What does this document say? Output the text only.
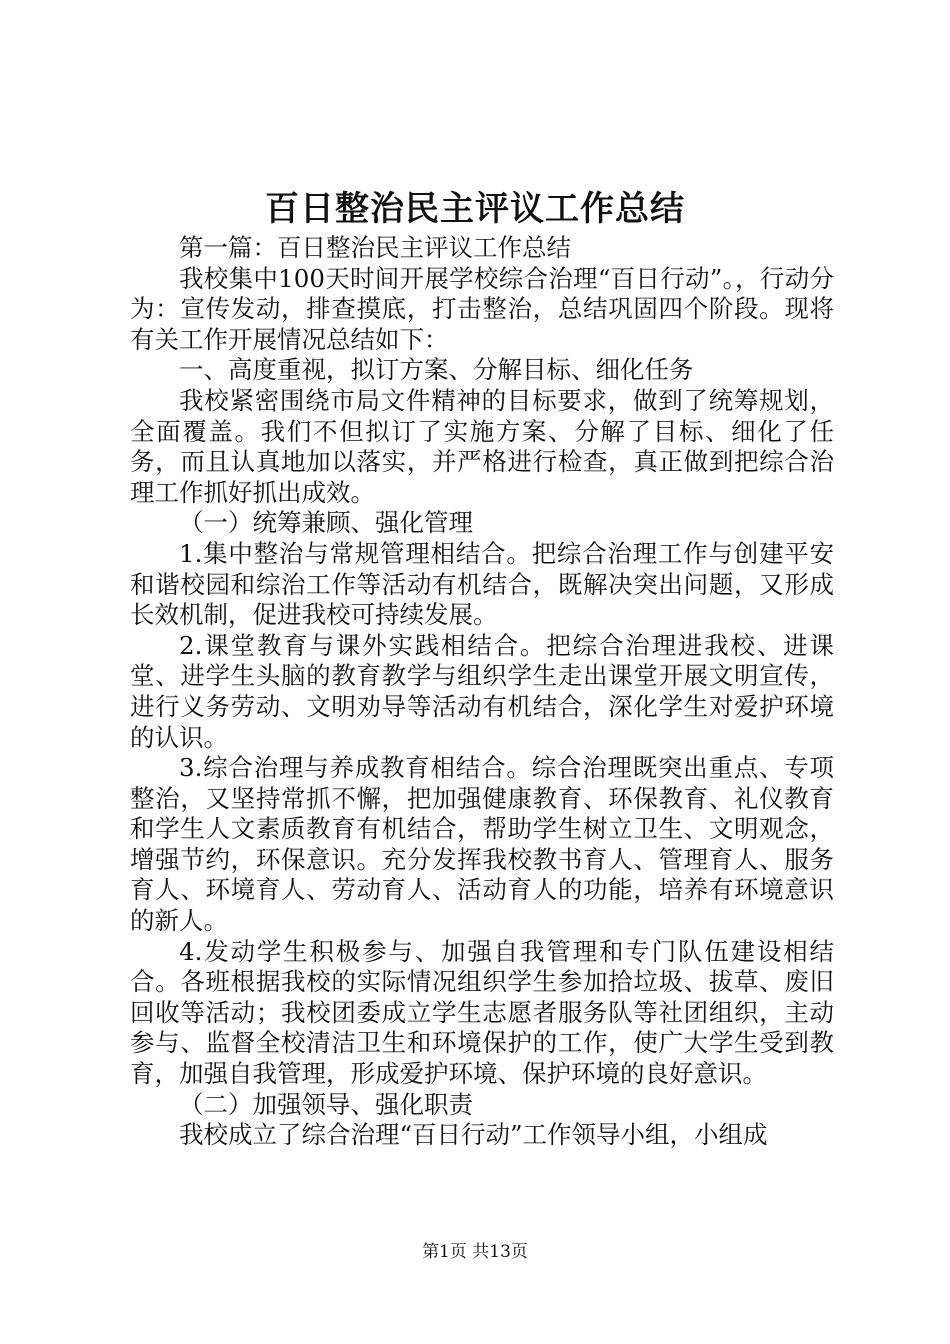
百日整治民主评议工作总结

第一篇：百日整治民主评议工作总结

我校集中100天时间开展学校综合治理“百日行动”。，行动分为：宣传发动，排查摸底，打击整治，总结巩固四个阶段。现将有关工作开展情况总结如下：

一、高度重视，拟订方案、分解目标、细化任务

我校紧密围绕市局文件精神的目标要求，做到了统筹规划，全面覆盖。我们不但拟订了实施方案、分解了目标、细化了任务，而且认真地加以落实，并严格进行检查，真正做到把综合治理工作抓好抓出成效。

（一）统筹兼顾、强化管理

1.集中整治与常规管理相结合。把综合治理工作与创建平安和谐校园和综治工作等活动有机结合，既解决突出问题，又形成长效机制，促进我校可持续发展。

2.课堂教育与课外实践相结合。把综合治理进我校、进课堂、进学生头脑的教育教学与组织学生走出课堂开展文明宣传，进行义务劳动、文明劝导等活动有机结合，深化学生对爱护环境的认识。

3.综合治理与养成教育相结合。综合治理既突出重点、专项整治，又坚持常抓不懈，把加强健康教育、环保教育、礼仪教育和学生人文素质教育有机结合，帮助学生树立卫生、文明观念，增强节约，环保意识。充分发挥我校教书育人、管理育人、服务育人、环境育人、劳动育人、活动育人的功能，培养有环境意识的新人。

4.发动学生积极参与、加强自我管理和专门队伍建设相结合。各班根据我校的实际情况组织学生参加拾垃圾、拔草、废旧回收等活动；我校团委成立学生志愿者服务队等社团组织，主动参与、监督全校清洁卫生和环境保护的工作，使广大学生受到教育，加强自我管理，形成爱护环境、保护环境的良好意识。

（二）加强领导、强化职责

我校成立了综合治理“百日行动”工作领导小组，小组成

第1页 共13页
